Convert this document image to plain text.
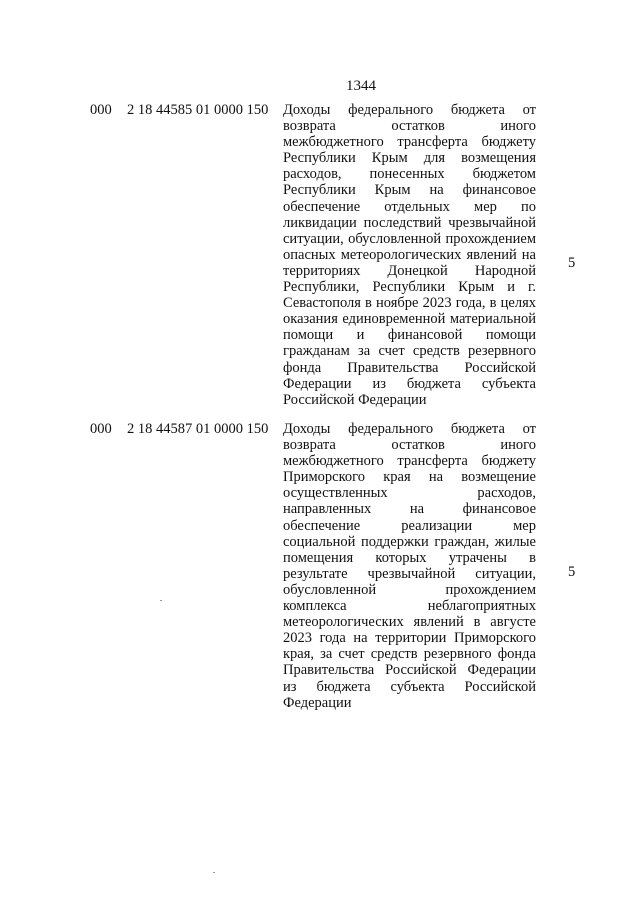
1344
000 2 18 44585 01 0000 150 Доходы федерального бюджета от возврата остатков иного межбюджетного трансферта бюджету Республики Крым для возмещения расходов, понесенных бюджетом Республики Крым на финансовое обеспечение отдельных мер по ликвидации последствий чрезвычайной ситуации, обусловленной прохождением опасных метеорологических явлений на территориях Донецкой Народной Республики, Республики Крым и г. Севастополя в ноябре 2023 года, в целях оказания единовременной материальной помощи и финансовой помощи гражданам за счет средств резервного фонда Правительства Российской Федерации из бюджета субъекта Российской Федерации

5
000 2 18 44587 01 0000 150 Доходы федерального бюджета от возврата остатков иного межбюджетного трансферта бюджету Приморского края на возмещение осуществленных расходов, направленных на финансовое обеспечение реализации мер социальной поддержки граждан, жилые помещения которых утрачены в результате чрезвычайной ситуации, обусловленной прохождением комплекса неблагоприятных метеорологических явлений в августе 2023 года на территории Приморского края, за счет средств резервного фонда Правительства Российской Федерации из бюджета субъекта Российской Федерации

5
